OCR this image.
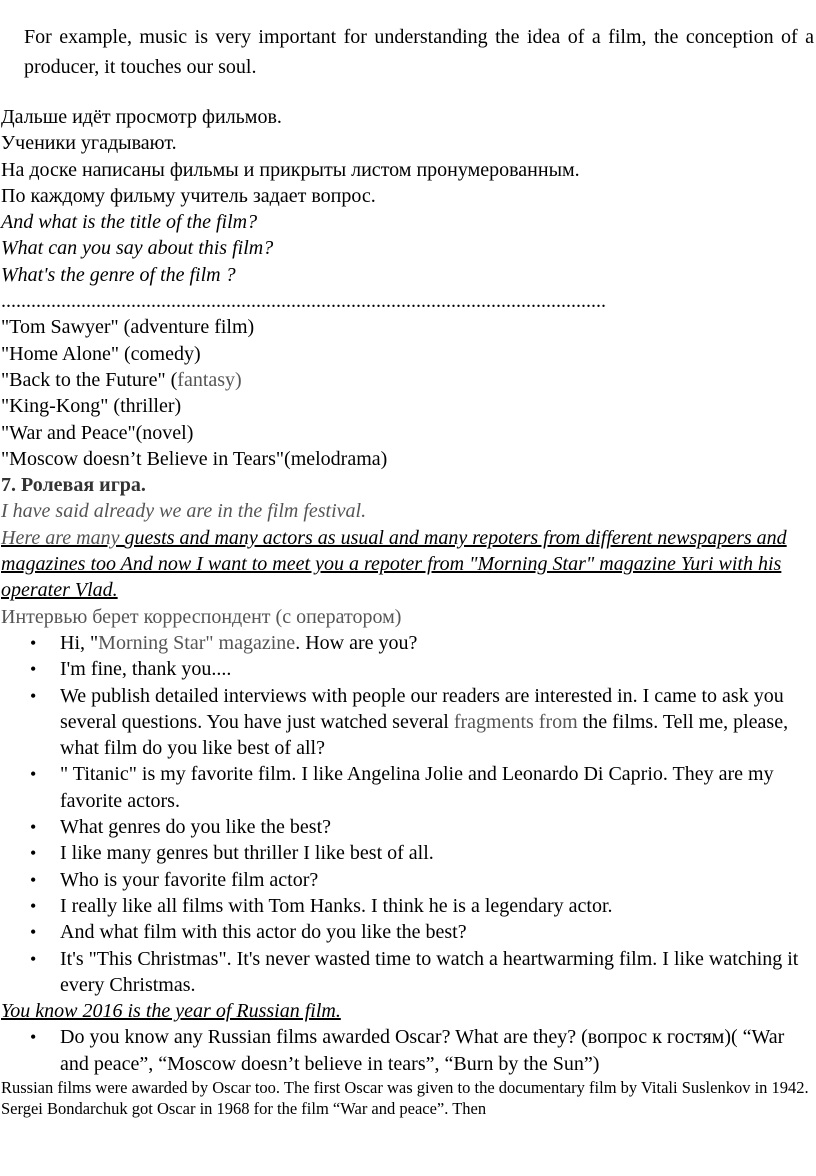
For example, music is very important for understanding the idea of a film, the conception of a producer, it touches our soul.

Дальше идёт просмотр фильмов.

Ученики угадывают.

На доске написаны фильмы и прикрыты листом пронумерованным.

По каждому фильму учитель задает вопрос.

And what is the title of the film?

What can you say about this film?

What's the genre of the film ?

.........................................................................................................................

"Tom Sawyer" (adventure film)

"Home Alone" (comedy)

"Back to the Future" (fantasy)

"King-Kong" (thriller)

"War and Peace"(novel)

"Moscow doesn’t Believe in Tears"(melodrama)

7. Ролевая игра.

I have said already we are in the film festival.

Here are many guests and many actors as usual and many repoters from different newspapers and magazines too And now I want to meet you a repoter from "Morning Star" magazine Yuri with his operater Vlad.

Интервью берет корреспондент (с оператором)

• Hi, "Morning Star" magazine. How are you?
• I'm fine, thank you....
• We publish detailed interviews with people our readers are interested in. I came to ask you several questions. You have just watched several fragments from the films. Tell me, please, what film do you like best of all?
• " Titanic" is my favorite film. I like Angelina Jolie and Leonardo Di Caprio. They are my favorite actors.
• What genres do you like the best?
• I like many genres but thriller I like best of all.
• Who is your favorite film actor?
• I really like all films with Tom Hanks. I think he is a legendary actor.
• And what film with this actor do you like the best?
• It's "This Christmas". It's never wasted time to watch a heartwarming film. I like watching it every Christmas.

You know 2016 is the year of Russian film.

• Do you know any Russian films awarded Oscar? What are they? (вопрос к гостям)( “War and peace”, “Moscow doesn’t believe in tears”, “Burn by the Sun”)

Russian films were awarded by Oscar too. The first Oscar was given to the documentary film by Vitali Suslenkov in 1942. Sergei Bondarchuk got Oscar in 1968 for the film “War and peace”. Then
